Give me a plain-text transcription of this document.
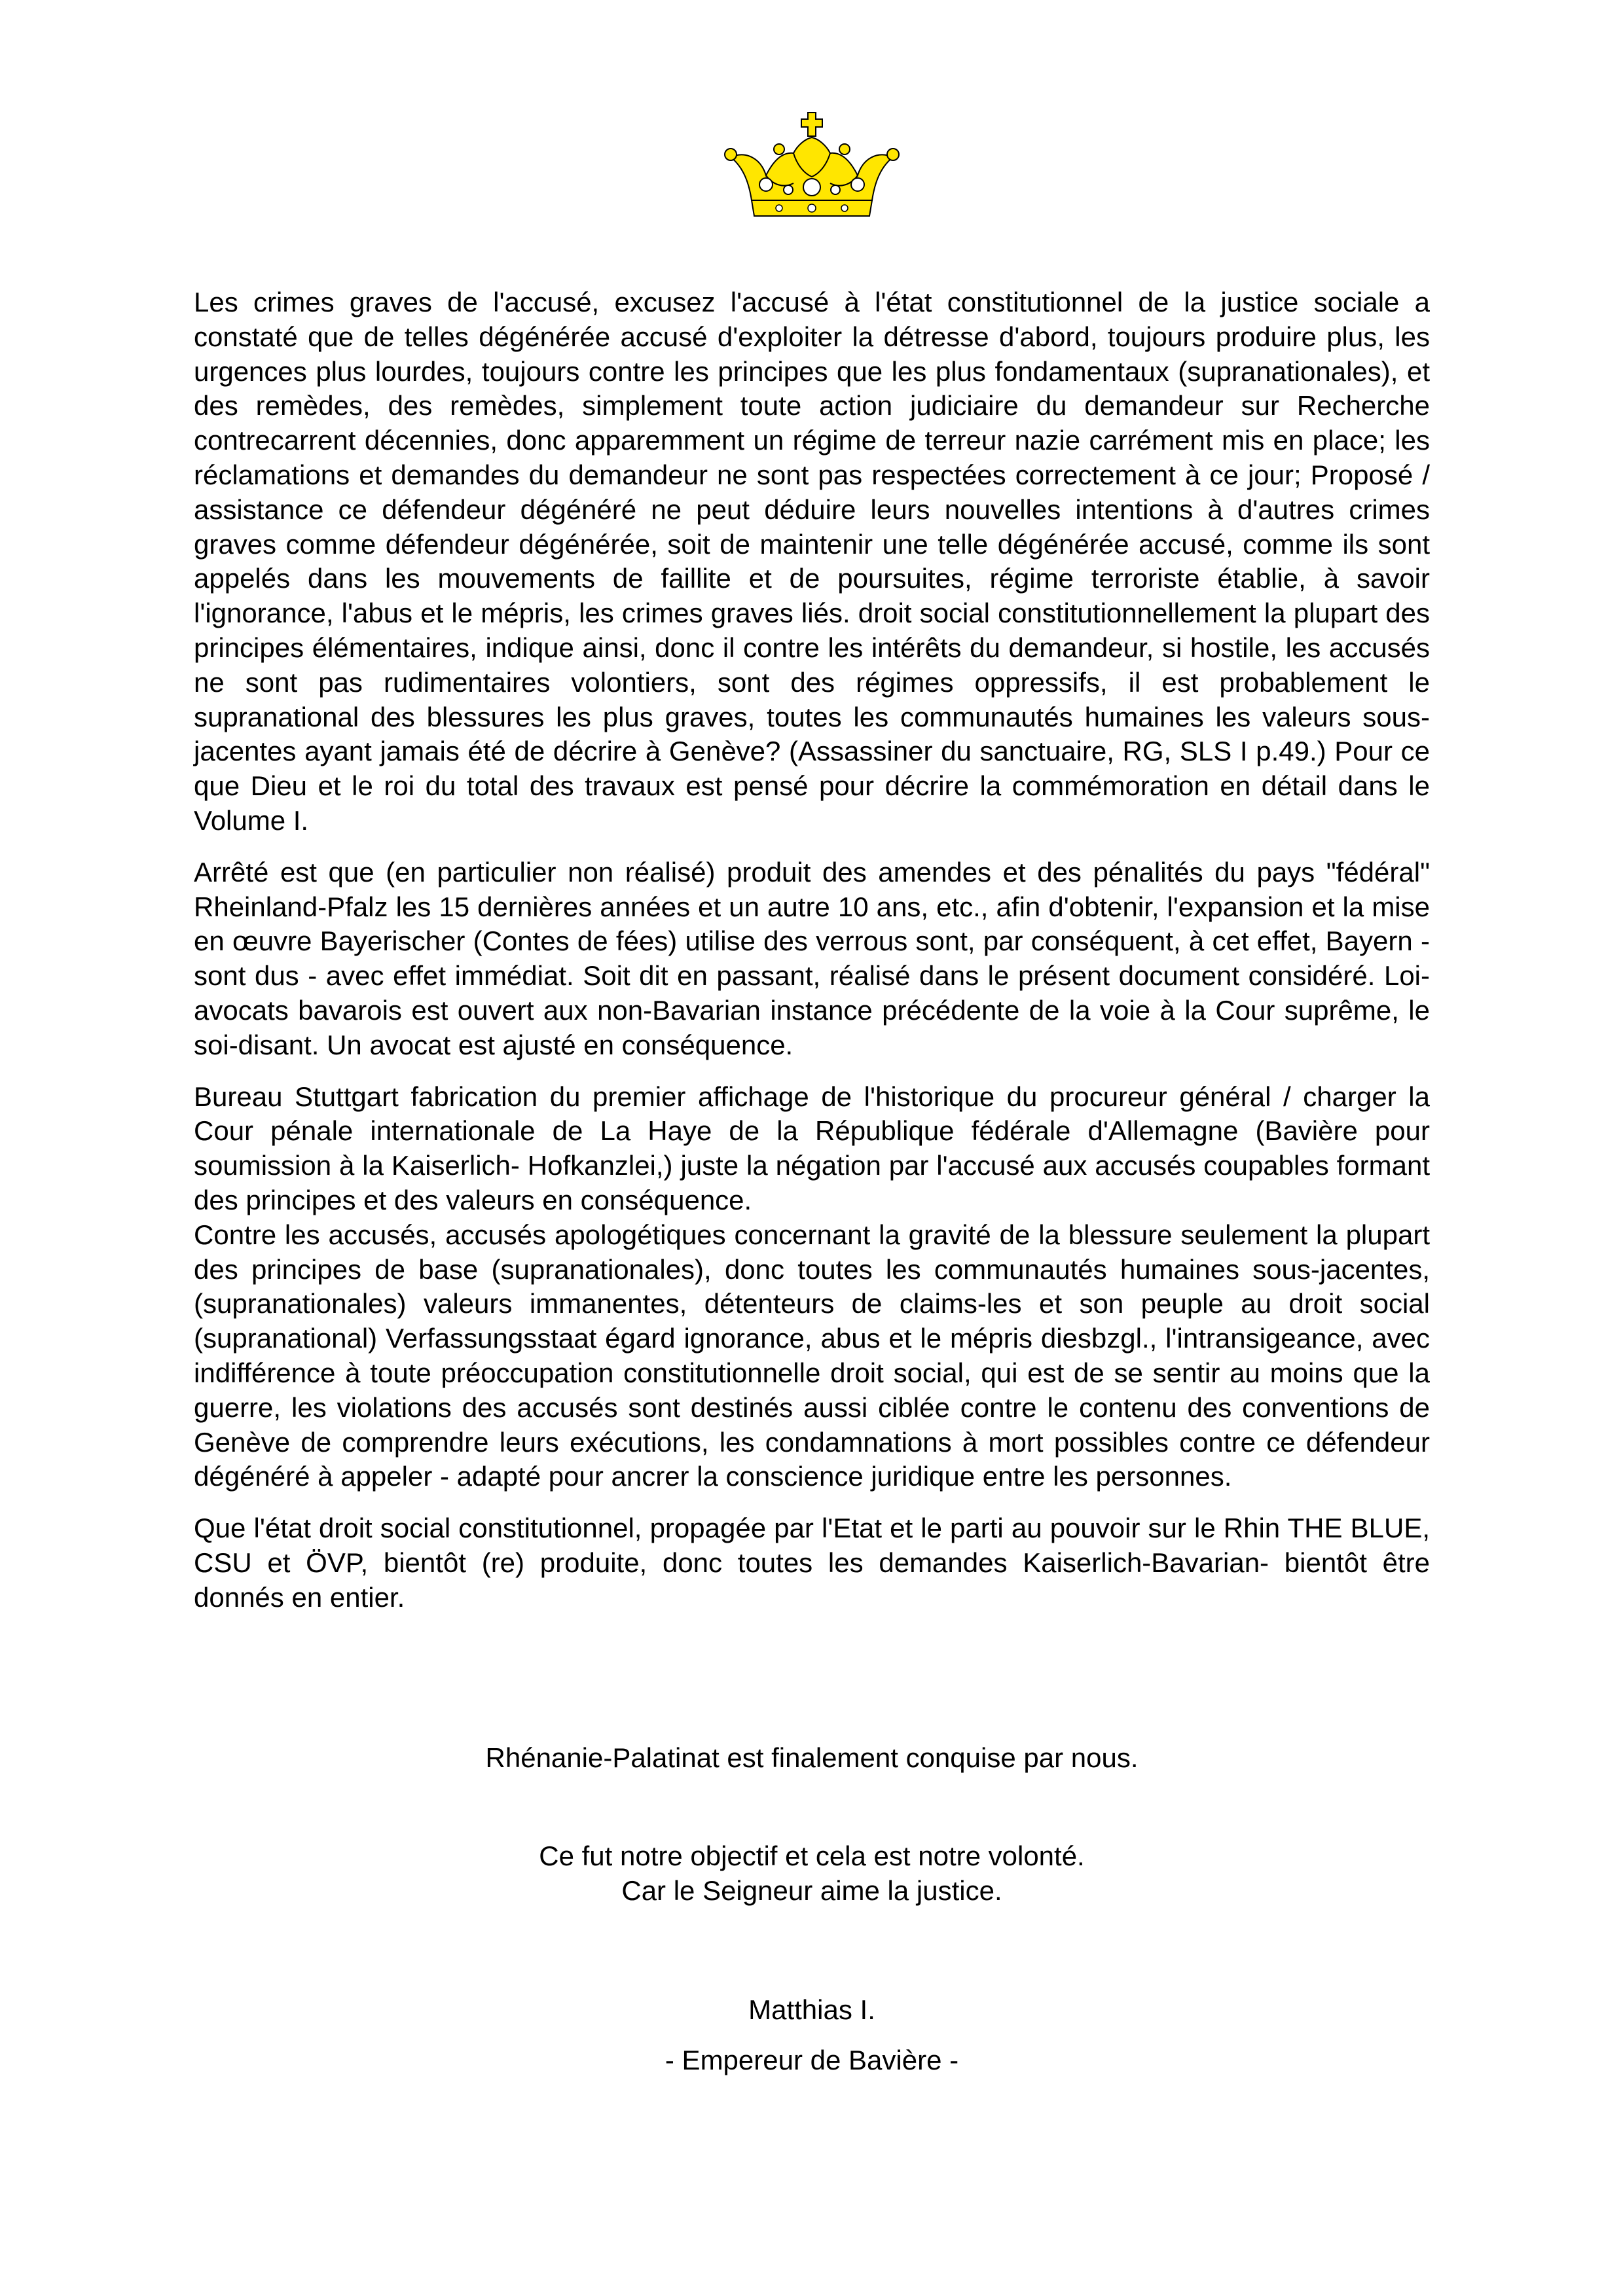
Les crimes graves de l'accusé, excusez l'accusé à l'état constitutionnel de la justice sociale a constaté que de telles dégénérée accusé d'exploiter la détresse d'abord, toujours produire plus, les urgences plus lourdes, toujours contre les principes que les plus fondamentaux (supranationales), et des remèdes, des remèdes, simplement toute action judiciaire du demandeur sur Recherche contrecarrent décennies, donc apparemment un régime de terreur nazie carrément mis en place; les réclamations et demandes du demandeur ne sont pas respectées correctement à ce jour; Proposé / assistance ce défendeur dégénéré ne peut déduire leurs nouvelles intentions à d'autres crimes graves comme défendeur dégénérée, soit de maintenir une telle dégénérée accusé, comme ils sont appelés dans les mouvements de faillite et de poursuites, régime terroriste établie, à savoir l'ignorance, l'abus et le mépris, les crimes graves liés. droit social constitutionnellement la plupart des principes élémentaires, indique ainsi, donc il contre les intérêts du demandeur, si hostile, les accusés ne sont pas rudimentaires volontiers, sont des régimes oppressifs, il est probablement le supranational des blessures les plus graves, toutes les communautés humaines les valeurs sous-jacentes ayant jamais été de décrire à Genève? (Assassiner du sanctuaire, RG, SLS I p.49.) Pour ce que Dieu et le roi du total des travaux est pensé pour décrire la commémoration en détail dans le Volume I.

Arrêté est que (en particulier non réalisé) produit des amendes et des pénalités du pays "fédéral" Rheinland-Pfalz les 15 dernières années et un autre 10 ans, etc., afin d'obtenir, l'expansion et la mise en œuvre Bayerischer (Contes de fées) utilise des verrous sont, par conséquent, à cet effet, Bayern - sont dus - avec effet immédiat. Soit dit en passant, réalisé dans le présent document considéré. Loi-avocats bavarois est ouvert aux non-Bavarian instance précédente de la voie à la Cour suprême, le soi-disant. Un avocat est ajusté en conséquence.

Bureau Stuttgart fabrication du premier affichage de l'historique du procureur général / charger la Cour pénale internationale de La Haye de la République fédérale d'Allemagne (Bavière pour soumission à la Kaiserlich- Hofkanzlei,) juste la négation par l'accusé aux accusés coupables formant des principes et des valeurs en conséquence.

Contre les accusés, accusés apologétiques concernant la gravité de la blessure seulement la plupart des principes de base (supranationales), donc toutes les communautés humaines sous-jacentes, (supranationales) valeurs immanentes, détenteurs de claims-les et son peuple au droit social (supranational) Verfassungsstaat égard ignorance, abus et le mépris diesbzgl., l'intransigeance, avec indifférence à toute préoccupation constitutionnelle droit social, qui est de se sentir au moins que la guerre, les violations des accusés sont destinés aussi ciblée contre le contenu des conventions de Genève de comprendre leurs exécutions, les condamnations à mort possibles contre ce défendeur dégénéré à appeler - adapté pour ancrer la conscience juridique entre les personnes.

Que l'état droit social constitutionnel, propagée par l'Etat et le parti au pouvoir sur le Rhin THE BLUE, CSU et ÖVP, bientôt (re) produite, donc toutes les demandes Kaiserlich-Bavarian- bientôt être donnés en entier.

Rhénanie-Palatinat est finalement conquise par nous.
Ce fut notre objectif et cela est notre volonté.
Car le Seigneur aime la justice.
Matthias I.
- Empereur de Bavière -
